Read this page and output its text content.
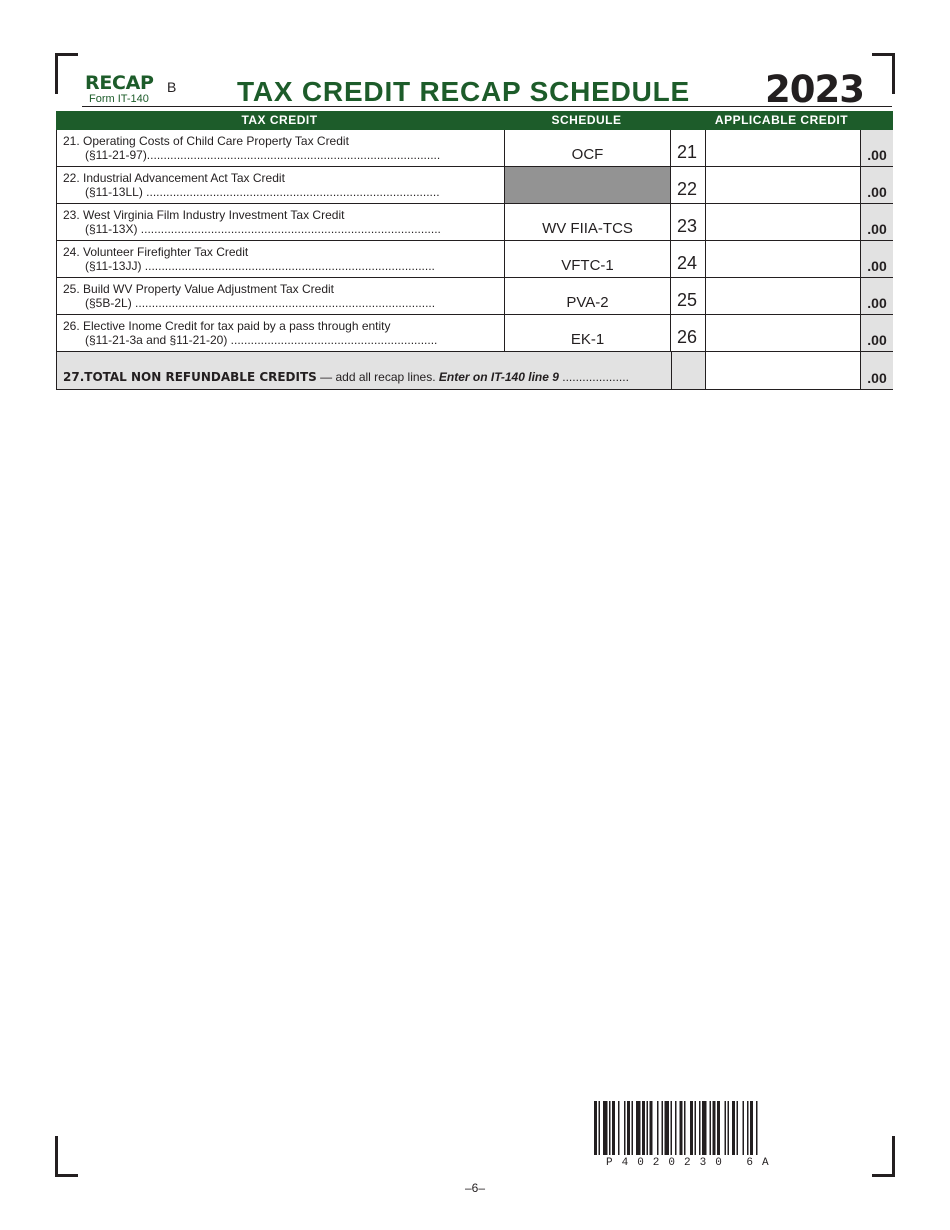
RECAP B
Form IT-140	TAX CREDIT RECAP SCHEDULE 2023
TAX CREDIT	SCHEDULE	APPLICABLE CREDIT
21. Operating Costs of Child Care Property Tax Credit
(§11-21-97)........................................................................................	OCF	21	.00
22. Industrial Advancement Act Tax Credit
(§11-13LL) ........................................................................................	22	.00
23. West Virginia Film Industry Investment Tax Credit
(§11-13X) ..........................................................................................	WV FIIA-TCS	23	.00
24. Volunteer Firefighter Tax Credit
(§11-13JJ) .......................................................................................	VFTC-1	24	.00
25. Build WV Property Value Adjustment Tax Credit
(§5B-2L) ..........................................................................................	PVA-2	25	.00
26. Elective Inome Credit for tax paid by a pass through entity
(§11-21-3a and §11-21-20) ..............................................................	EK-1	26	.00
27.TOTAL NON REFUNDABLE CREDITS — add all recap lines. Enter on IT-140 line 9 ....................	.00
P4020230 6A
–6–
